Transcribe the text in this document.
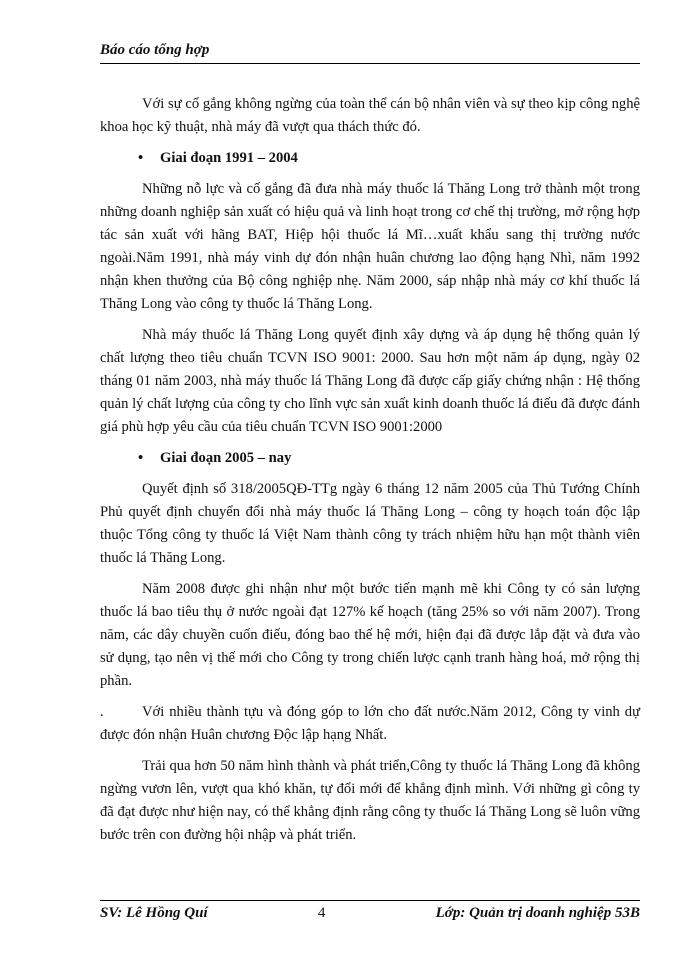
Báo cáo tổng hợp

Với sự cố gắng không ngừng của toàn thể cán bộ nhân viên và sự theo kịp công nghệ khoa học kỹ thuật, nhà máy đã vượt qua thách thức đó.

•	Giai đoạn 1991 – 2004

Những nỗ lực và cố gắng đã đưa nhà máy thuốc lá Thăng Long trở thành một trong những doanh nghiệp sản xuất có hiệu quả và linh hoạt trong cơ chế thị trường, mở rộng hợp tác sản xuất với hãng BAT, Hiệp hội thuốc lá Mĩ…xuất khẩu sang thị trường nước ngoài.Năm 1991, nhà máy vinh dự đón nhận huân chương lao động hạng Nhì, năm 1992 nhận khen thưởng của Bộ công nghiệp nhẹ. Năm 2000, sáp nhập nhà máy cơ khí thuốc lá Thăng Long vào công ty thuốc lá Thăng Long.

Nhà máy thuốc lá Thăng Long quyết định xây dựng và áp dụng hệ thống quản lý chất lượng theo tiêu chuẩn TCVN ISO 9001: 2000. Sau hơn một năm áp dụng, ngày 02 tháng 01 năm 2003, nhà máy thuốc lá Thăng Long đã được cấp giấy chứng nhận : Hệ thống quản lý chất lượng của công ty cho lĩnh vực sản xuất kinh doanh thuốc lá điếu đã được đánh giá phù hợp yêu cầu của tiêu chuẩn TCVN ISO 9001:2000

•	Giai đoạn 2005 – nay

Quyết định số 318/2005QĐ-TTg ngày 6 tháng 12 năm 2005 của Thủ Tướng Chính Phủ quyết định chuyển đổi nhà máy thuốc lá Thăng Long – công ty hoạch toán độc lập thuộc Tổng công ty thuốc lá Việt Nam thành công ty trách nhiệm hữu hạn một thành viên thuốc lá Thăng Long.

Năm 2008 được ghi nhận như một bước tiến mạnh mẽ khi Công ty có sản lượng thuốc lá bao tiêu thụ ở nước ngoài đạt 127% kế hoạch (tăng 25% so với năm 2007). Trong năm, các dây chuyền cuốn điếu, đóng bao thế hệ mới, hiện đại đã được lắp đặt và đưa vào sử dụng, tạo nên vị thế mới cho Công ty trong chiến lược cạnh tranh hàng hoá, mở rộng thị phần.

.	Với nhiều thành tựu và đóng góp to lớn cho đất nước.Năm 2012, Công ty vinh dự được đón nhận Huân chương Độc lập hạng Nhất.

Trải qua hơn 50 năm hình thành và phát triển,Công ty thuốc lá Thăng Long đã không ngừng vươn lên, vượt qua khó khăn, tự đổi mới để khẳng định mình. Với những gì công ty đã đạt được như hiện nay, có thể khẳng định rằng công ty thuốc lá Thăng Long sẽ luôn vững bước trên con đường hội nhập và phát triển.

SV: Lê Hồng Quí	4	Lớp: Quản trị doanh nghiệp 53B
